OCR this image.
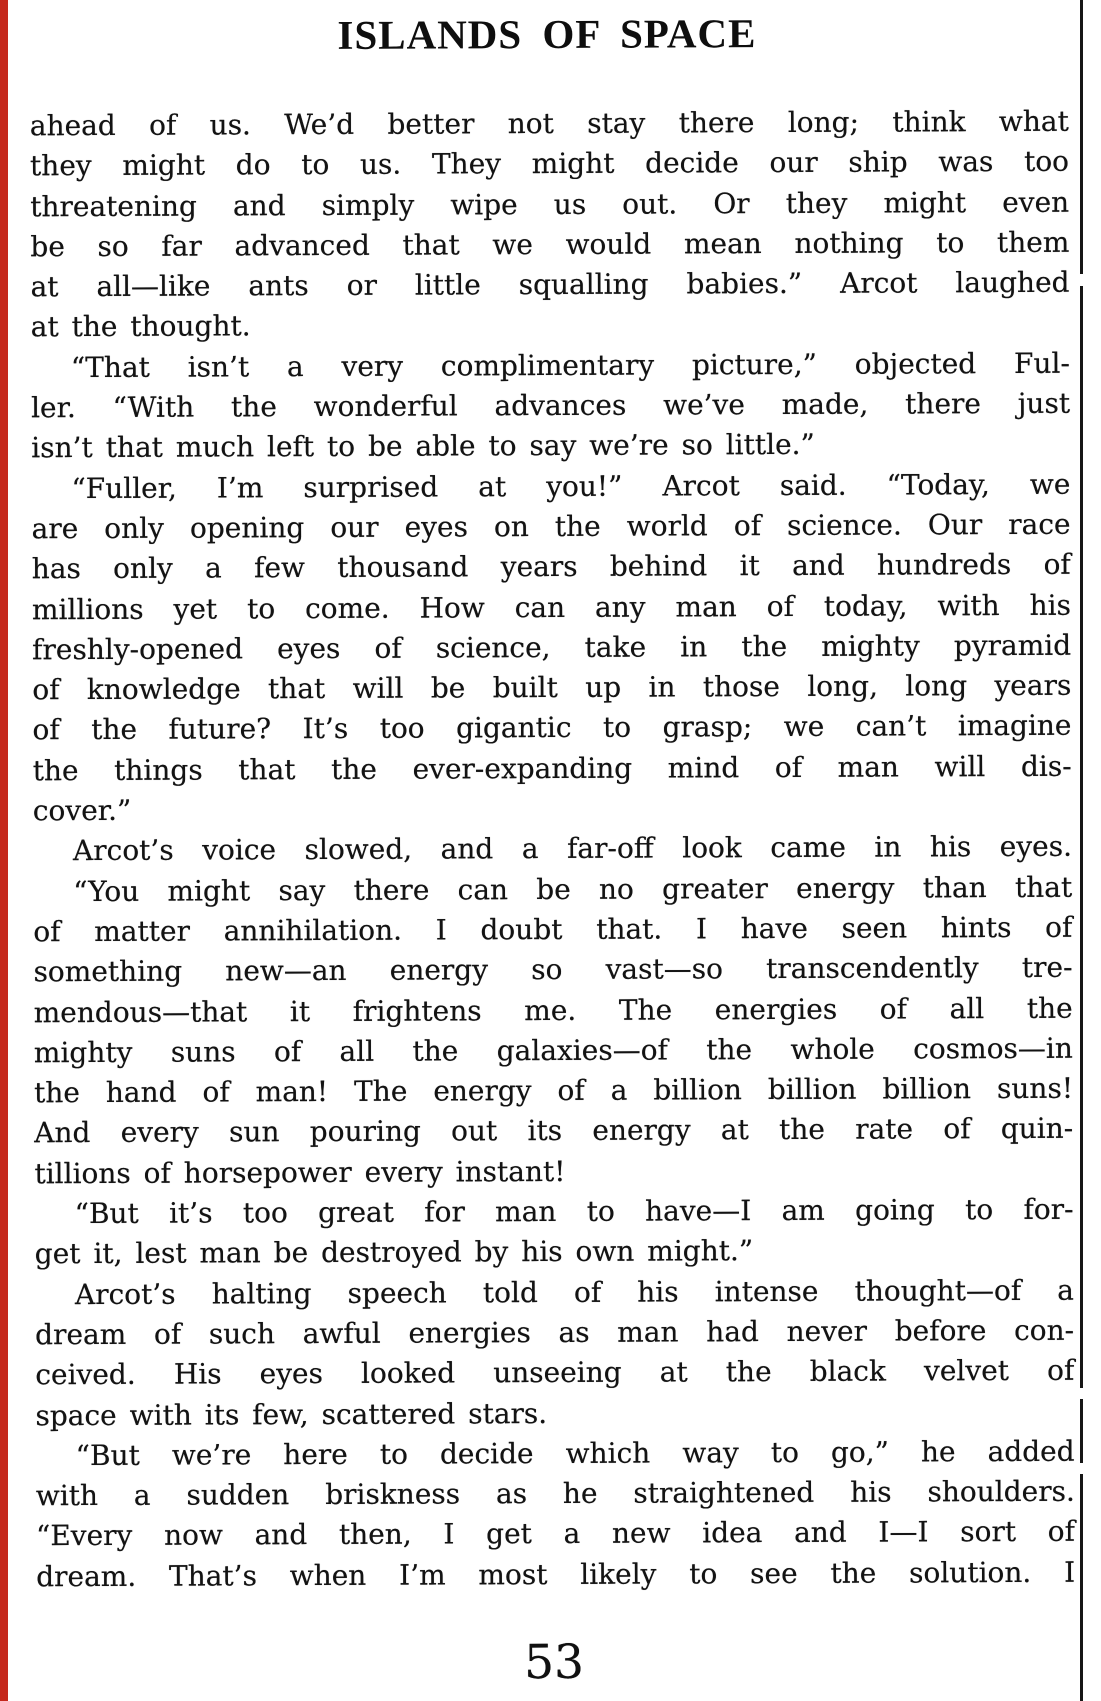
ISLANDS OF SPACE
ahead of us. We’d better not stay there long; think what
they might do to us. They might decide our ship was too
threatening and simply wipe us out. Or they might even
be so far advanced that we would mean nothing to them
at all—like ants or little squalling babies.” Arcot laughed
at the thought.
“That isn’t a very complimentary picture,” objected Ful-
ler. “With the wonderful advances we’ve made, there just
isn’t that much left to be able to say we’re so little.”
“Fuller, I’m surprised at you!” Arcot said. “Today, we
are only opening our eyes on the world of science. Our race
has only a few thousand years behind it and hundreds of
millions yet to come. How can any man of today, with his
freshly-opened eyes of science, take in the mighty pyramid
of knowledge that will be built up in those long, long years
of the future? It’s too gigantic to grasp; we can’t imagine
the things that the ever-expanding mind of man will dis-
cover.”
Arcot’s voice slowed, and a far-off look came in his eyes.
“You might say there can be no greater energy than that
of matter annihilation. I doubt that. I have seen hints of
something new—an energy so vast—so transcendently tre-
mendous—that it frightens me. The energies of all the
mighty suns of all the galaxies—of the whole cosmos—in
the hand of man! The energy of a billion billion billion suns!
And every sun pouring out its energy at the rate of quin-
tillions of horsepower every instant!
“But it’s too great for man to have—I am going to for-
get it, lest man be destroyed by his own might.”
Arcot’s halting speech told of his intense thought—of a
dream of such awful energies as man had never before con-
ceived. His eyes looked unseeing at the black velvet of
space with its few, scattered stars.
“But we’re here to decide which way to go,” he added
with a sudden briskness as he straightened his shoulders.
“Every now and then, I get a new idea and I—I sort of
dream. That’s when I’m most likely to see the solution. I
53
